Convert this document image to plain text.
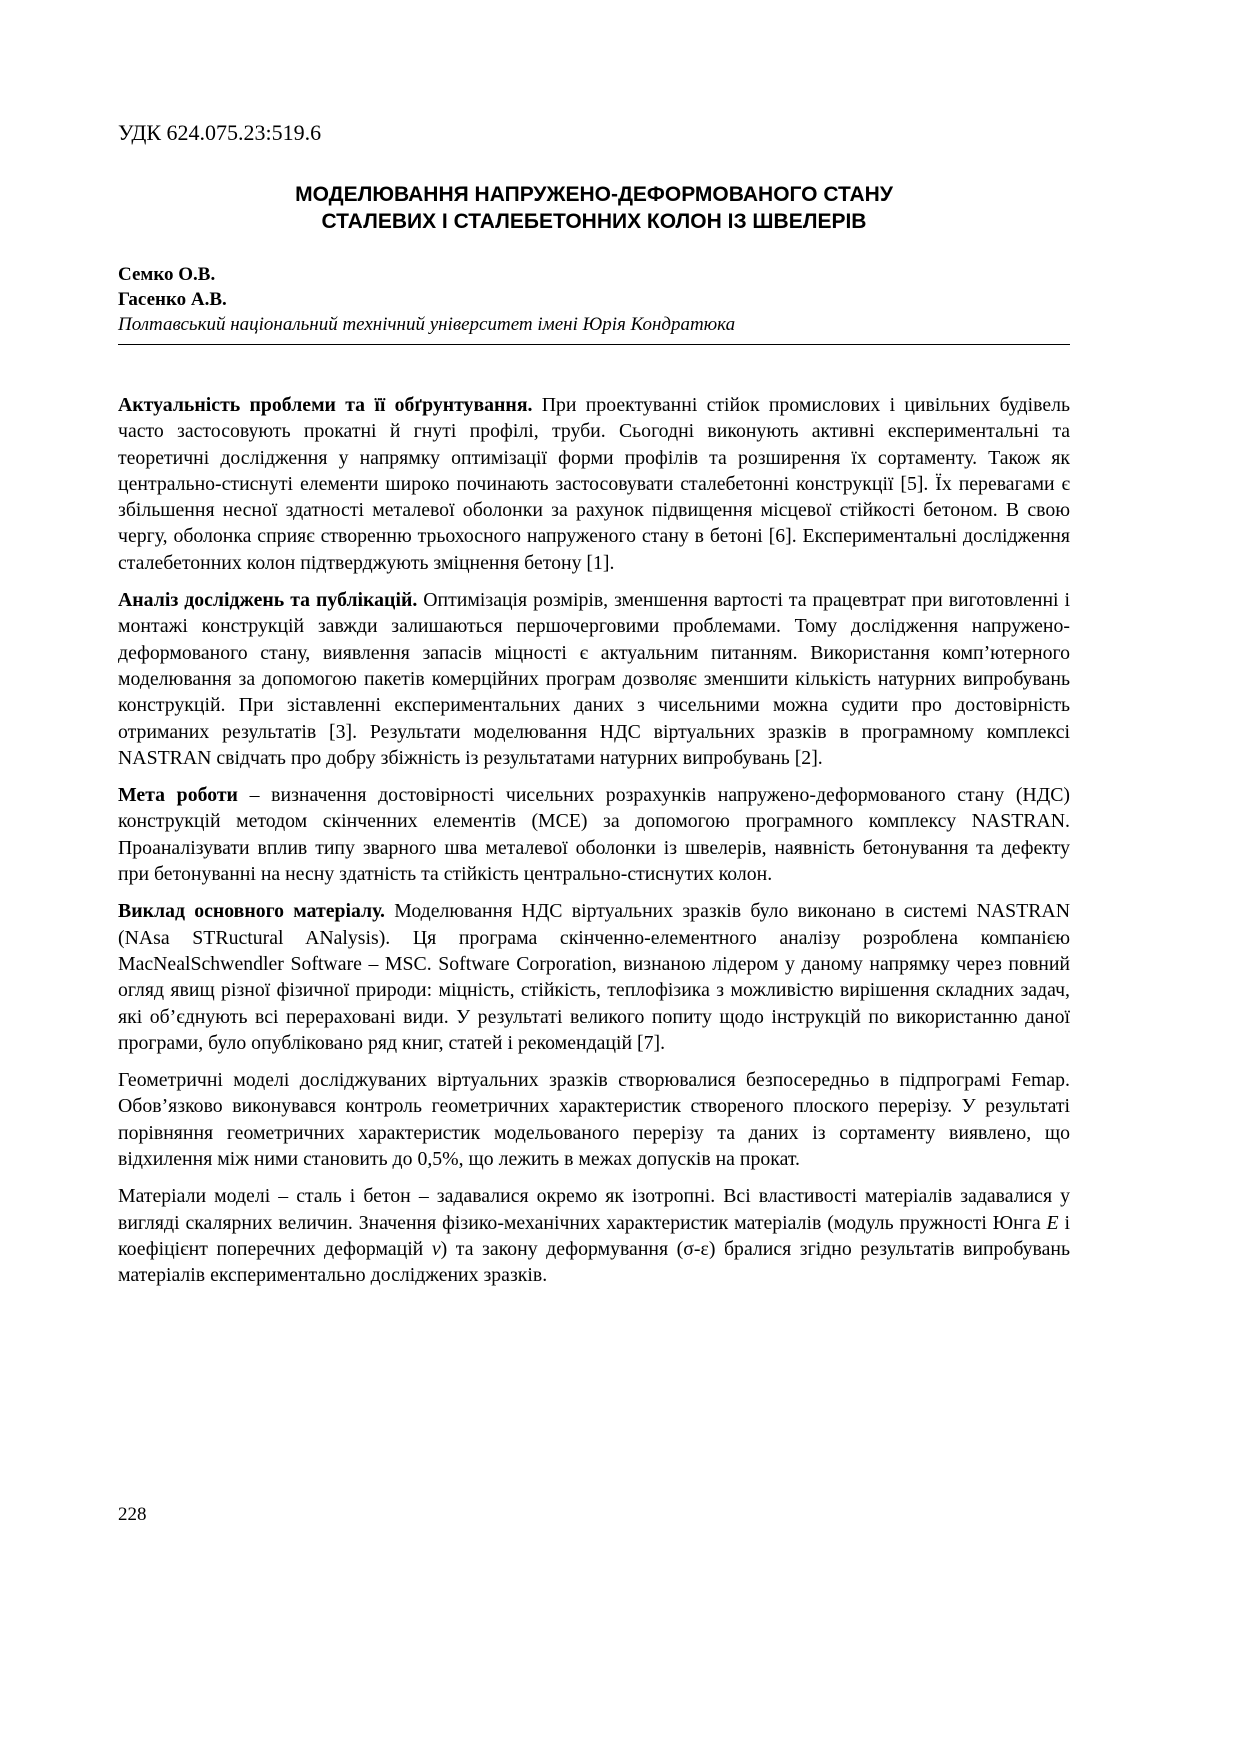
УДК 624.075.23:519.6
МОДЕЛЮВАННЯ НАПРУЖЕНО-ДЕФОРМОВАНОГО СТАНУ
СТАЛЕВИХ І СТАЛЕБЕТОННИХ КОЛОН ІЗ ШВЕЛЕРІВ
Семко О.В.
Гасенко А.В.
Полтавський національний технічний університет імені Юрія Кондратюка

Актуальність проблеми та її обґрунтування. При проектуванні стійок промислових і цивільних будівель часто застосовують прокатні й гнуті профілі, труби. Сьогодні виконують активні експериментальні та теоретичні дослідження у напрямку оптимізації форми профілів та розширення їх сортаменту. Також як центрально-стиснуті елементи широко починають застосовувати сталебетонні конструкції [5]. Їх перевагами є збільшення несної здатності металевої оболонки за рахунок підвищення місцевої стійкості бетоном. В свою чергу, оболонка сприяє створенню трьохосного напруженого стану в бетоні [6]. Експериментальні дослідження сталебетонних колон підтверджують зміцнення бетону [1].

Аналіз досліджень та публікацій. Оптимізація розмірів, зменшення вартості та працевтрат при виготовленні і монтажі конструкцій завжди залишаються першочерговими проблемами. Тому дослідження напружено-деформованого стану, виявлення запасів міцності є актуальним питанням. Використання комп’ютерного моделювання за допомогою пакетів комерційних програм дозволяє зменшити кількість натурних випробувань конструкцій. При зіставленні експериментальних даних з чисельними можна судити про достовірність отриманих результатів [3]. Результати моделювання НДС віртуальних зразків в програмному комплексі NASTRAN свідчать про добру збіжність із результатами натурних випробувань [2].

Мета роботи – визначення достовірності чисельних розрахунків напружено-деформованого стану (НДС) конструкцій методом скінченних елементів (МСЕ) за допомогою програмного комплексу NASTRAN. Проаналізувати вплив типу зварного шва металевої оболонки із швелерів, наявність бетонування та дефекту при бетонуванні на несну здатність та стійкість центрально-стиснутих колон.

Виклад основного матеріалу. Моделювання НДС віртуальних зразків було виконано в системі NASTRAN (NAsa STRuctural ANalysis). Ця програма скінченно-елементного аналізу розроблена компанією MacNealSchwendler Software – MSC. Software Corporation, визнаною лідером у даному напрямку через повний огляд явищ різної фізичної природи: міцність, стійкість, теплофізика з можливістю вирішення складних задач, які об’єднують всі перераховані види. У результаті великого попиту щодо інструкцій по використанню даної програми, було опубліковано ряд книг, статей і рекомендацій [7].

Геометричні моделі досліджуваних віртуальних зразків створювалися безпосередньо в підпрограмі Femap. Обов’язково виконувався контроль геометричних характеристик створеного плоского перерізу. У результаті порівняння геометричних характеристик модельованого перерізу та даних із сортаменту виявлено, що відхилення між ними становить до 0,5%, що лежить в межах допусків на прокат.

Матеріали моделі – сталь і бетон – задавалися окремо як ізотропні. Всі властивості матеріалів задавалися у вигляді скалярних величин. Значення фізико-механічних характеристик матеріалів (модуль пружності Юнга E і коефіцієнт поперечних деформацій ν) та закону деформування (σ-ε) бралися згідно результатів випробувань матеріалів експериментально досліджених зразків.

228
